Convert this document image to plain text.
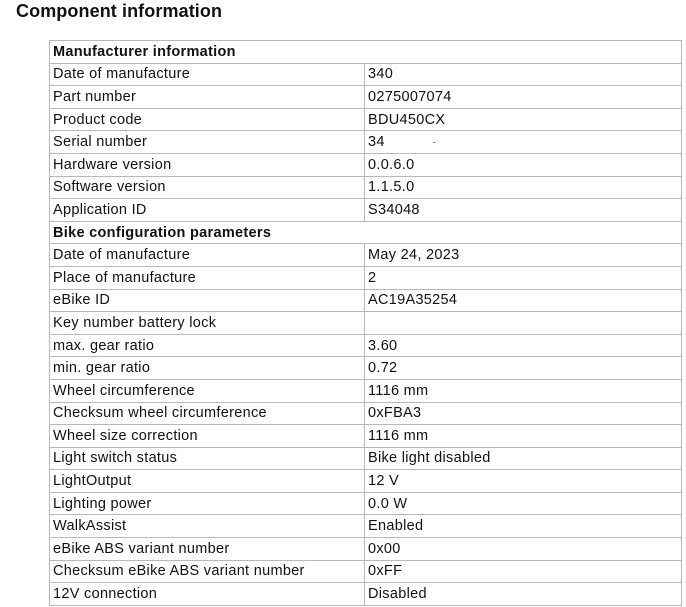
Component information
Manufacturer information	
Date of manufacture	340
Part number	0275007074
Product code	BDU450CX
Serial number	34
Hardware version	0.0.6.0
Software version	1.1.5.0
Application ID	S34048
Bike configuration parameters	
Date of manufacture	May 24, 2023
Place of manufacture	2
eBike ID	AC19A35254
Key number battery lock	
max. gear ratio	3.60
min. gear ratio	0.72
Wheel circumference	1116 mm
Checksum wheel circumference	0xFBA3
Wheel size correction	1116 mm
Light switch status	Bike light disabled
LightOutput	12 V
Lighting power	0.0 W
WalkAssist	Enabled
eBike ABS variant number	0x00
Checksum eBike ABS variant number	0xFF
12V connection	Disabled
